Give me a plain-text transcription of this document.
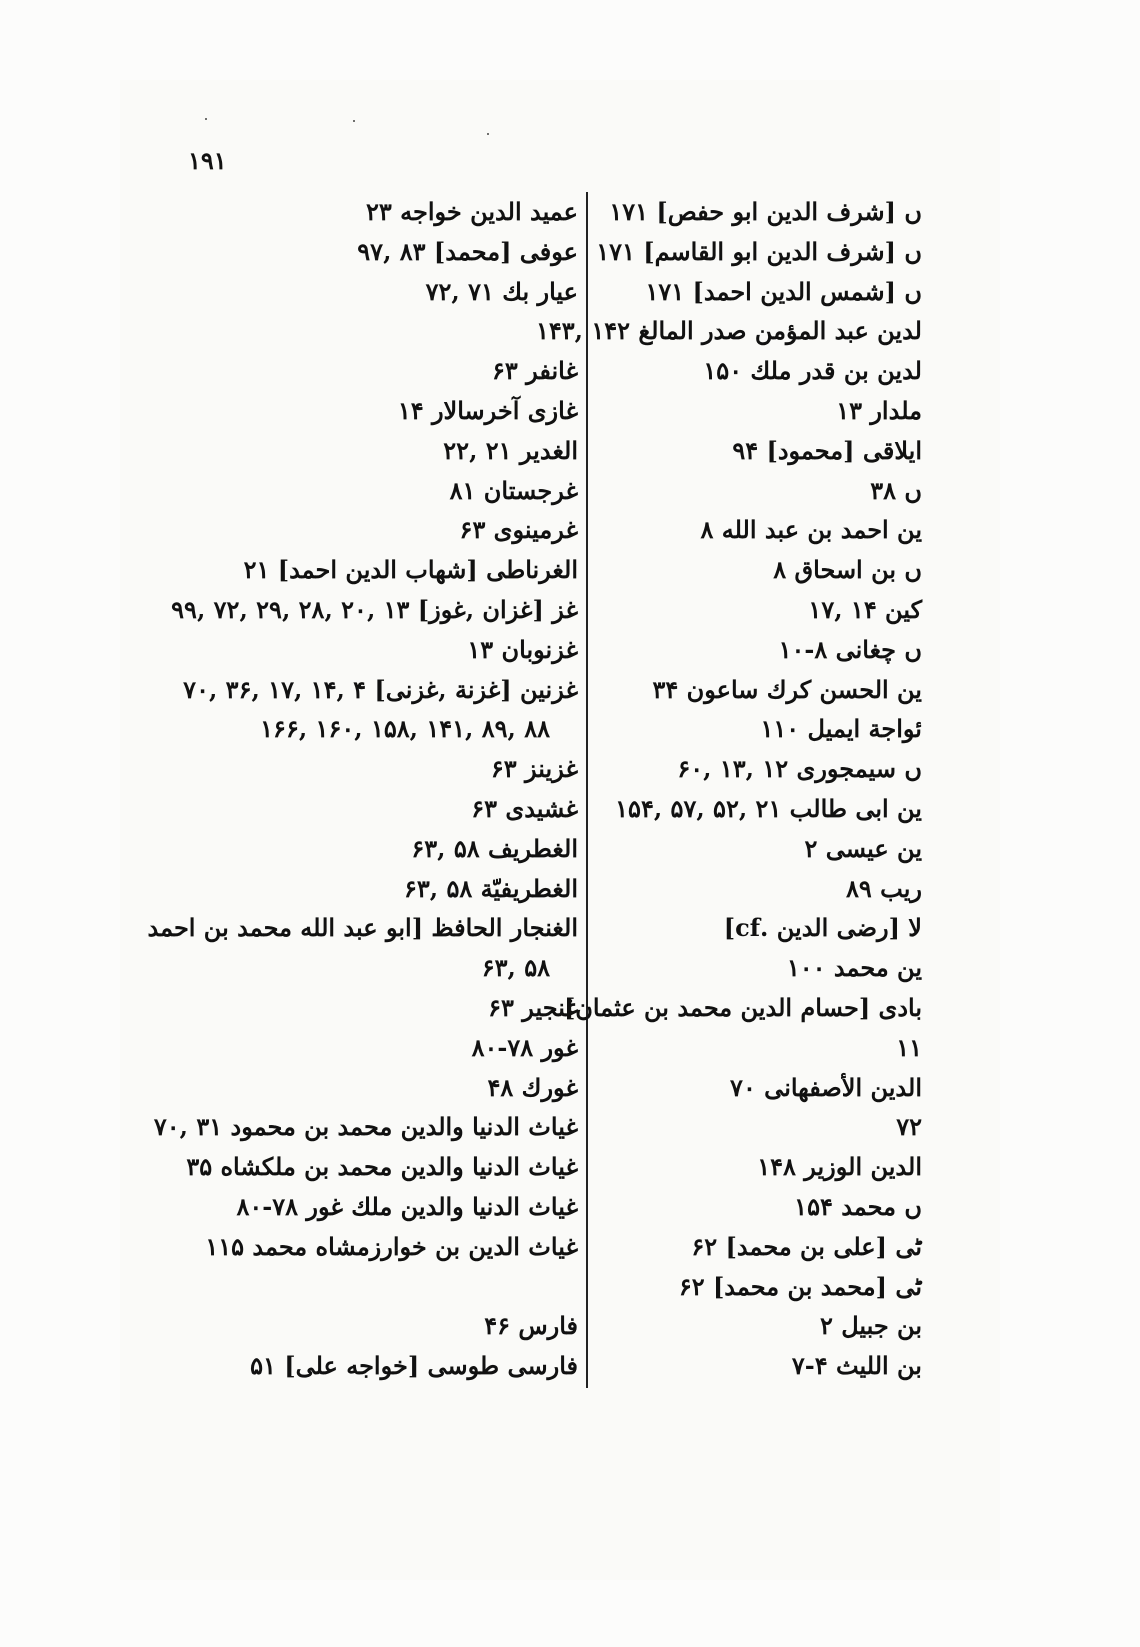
۱۹۱
عمید الدین خواجه ۲۳
عوفی [محمد] ۸۳ ,۹۷
عیار بك ۷۱ ,۷۲
غانفر ۶۳
غازی آخرسالار ۱۴
الغدیر ۲۱ ,۲۲
غرجستان ۸۱
غرمینوی ۶۳
الغرناطی [شهاب الدین احمد] ۲۱
غز [غزان ,غوز] ۱۳ ,۲۰ ,۲۸ ,۲۹ ,۷۲ ,۹۹
غزنوبان ۱۳
غزنین [غزنة ,غزنی] ۴ ,۱۴ ,۱۷ ,۳۶ ,۷۰
۸۸ ,۸۹ ,۱۴۱ ,۱۵۸ ,۱۶۰ ,۱۶۶
غزینز ۶۳
غشیدی ۶۳
الغطریف ۵۸ ,۶۳
الغطریفیّة ۵۸ ,۶۳
الغنجار الحافظ [ابو عبد الله محمد بن احمد
۵۸ ,۶۳
غنجیر ۶۳
غور ۷۸-۸۰
غورك ۴۸
غیاث الدنیا والدین محمد بن محمود ۳۱ ,۷۰
غیاث الدنیا والدین محمد بن ملکشاه ۳۵
غیاث الدنیا والدین ملك غور ۷۸-۸۰
غیاث الدین بن خوارزمشاه محمد ۱۱۵
فارس ۴۶
فارسی طوسی [خواجه علی] ۵۱
ں [شرف الدین ابو حفص] ۱۷۱
ں [شرف الدین ابو القاسم] ۱۷۱
ں [شمس الدین احمد] ۱۷۱
لدین عبد المؤمن صدر المالغ ۱۴۲ ,۱۴۳
لدین بن قدر ملك ۱۵۰
ملدار ۱۳
ایلاقی [محمود] ۹۴
ں ۳۸
ین احمد بن عبد الله ۸
ں بن اسحاق ۸
کین ۱۴ ,۱۷
ں چغانی ۸-۱۰
ین الحسن کرك ساعون ۳۴
ئواجة ایمیل ۱۱۰
ں سیمجوری ۱۲ ,۱۳ ,۶۰
ین ابی طالب ۲۱ ,۵۲ ,۵۷ ,۱۵۴
ین عیسی ۲
ریب ۸۹
لا [رضی الدین .cf]
ین محمد ۱۰۰
بادی [حسام الدین محمد بن عثمان]
۱۱
الدین الأصفهانی ۷۰
۷۲
الدین الوزیر ۱۴۸
ں محمد ۱۵۴
ٹی [علی بن محمد] ۶۲
ٹی [محمد بن محمد] ۶۲
بن جبیل ۲
بن اللیث ۴-۷
